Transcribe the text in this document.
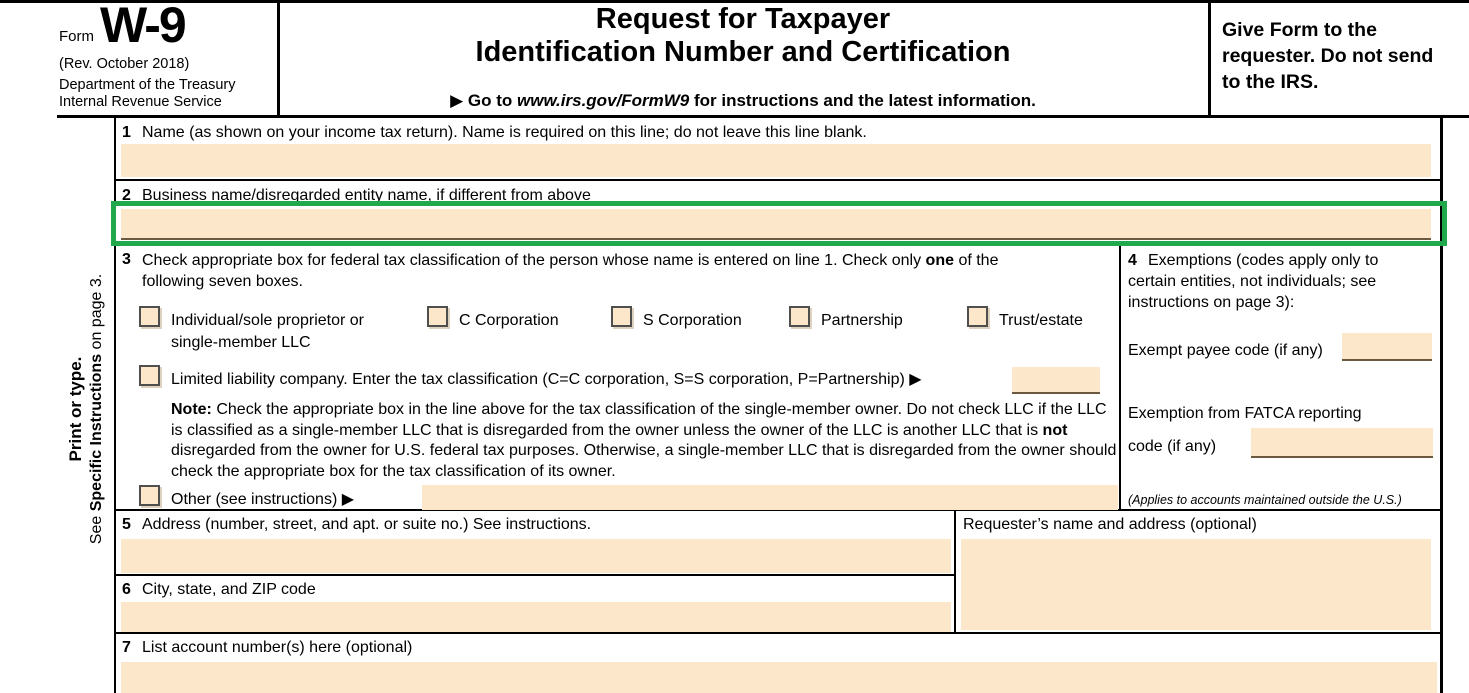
Form W-9
(Rev. October 2018)
Department of the Treasury
Internal Revenue Service
Request for Taxpayer
Identification Number and Certification
▶ Go to www.irs.gov/FormW9 for instructions and the latest information.
Give Form to the requester. Do not send to the IRS.
Print or type.
See Specific Instructions on page 3.
1 Name (as shown on your income tax return). Name is required on this line; do not leave this line blank.
2 Business name/disregarded entity name, if different from above
3 Check appropriate box for federal tax classification of the person whose name is entered on line 1. Check only one of the
following seven boxes.
Individual/sole proprietor or single-member LLC
C Corporation	S Corporation	Partnership	Trust/estate
Limited liability company. Enter the tax classification (C=C corporation, S=S corporation, P=Partnership) ▶
Note: Check the appropriate box in the line above for the tax classification of the single-member owner. Do not check LLC if the LLC is classified as a single-member LLC that is disregarded from the owner unless the owner of the LLC is another LLC that is not disregarded from the owner for U.S. federal tax purposes. Otherwise, a single-member LLC that is disregarded from the owner should check the appropriate box for the tax classification of its owner.
Other (see instructions) ▶
4 Exemptions (codes apply only to certain entities, not individuals; see instructions on page 3):
Exempt payee code (if any)
Exemption from FATCA reporting
code (if any)
(Applies to accounts maintained outside the U.S.)
5 Address (number, street, and apt. or suite no.) See instructions.	Requester’s name and address (optional)
6 City, state, and ZIP code
7 List account number(s) here (optional)
